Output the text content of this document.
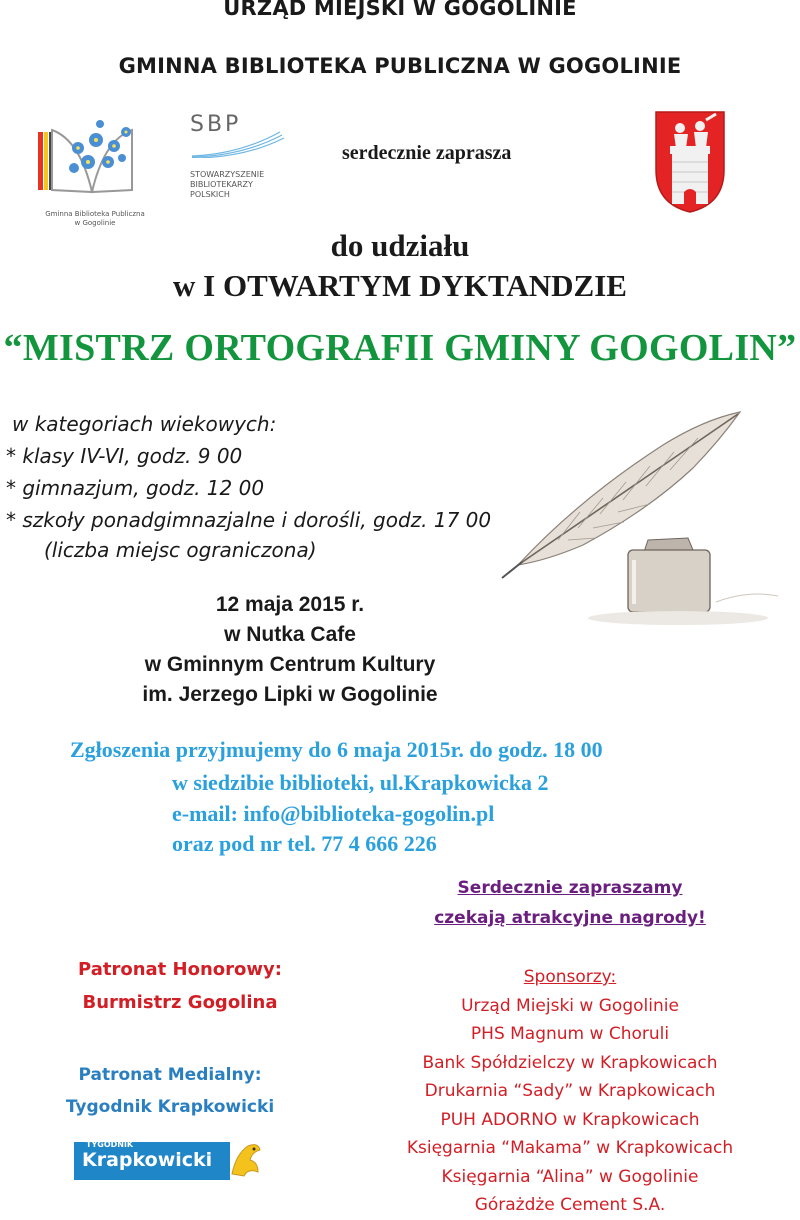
URZĄD MIEJSKI W GOGOLINIE
GMINNA BIBLIOTEKA PUBLICZNA W GOGOLINIE
Gminna Biblioteka Publiczna
w Gogolinie
SBP
STOWARZYSZENIE
BIBLIOTEKARZY
POLSKICH
serdecznie zaprasza
do udziału
w I OTWARTYM DYKTANDZIE
“MISTRZ ORTOGRAFII GMINY GOGOLIN”
w kategoriach wiekowych:
* klasy IV-VI, godz. 9 00
* gimnazjum, godz. 12 00
* szkoły ponadgimnazjalne i dorośli, godz. 17 00
(liczba miejsc ograniczona)
12 maja 2015 r.
w Nutka Cafe
w Gminnym Centrum Kultury
im. Jerzego Lipki w Gogolinie
Zgłoszenia przyjmujemy do 6 maja 2015r. do godz. 18 00
w siedzibie biblioteki, ul.Krapkowicka 2
e-mail: info@biblioteka-gogolin.pl
oraz pod nr tel. 77 4 666 226
Serdecznie zapraszamy
czekają atrakcyjne nagrody!
Patronat Honorowy:
Burmistrz Gogolina
Patronat Medialny:
Tygodnik Krapkowicki
TYGODNIK
Krapkowicki
Sponsorzy:
Urząd Miejski w Gogolinie
PHS Magnum w Choruli
Bank Spółdzielczy w Krapkowicach
Drukarnia “Sady” w Krapkowicach
PUH ADORNO w Krapkowicach
Księgarnia “Makama” w Krapkowicach
Księgarnia “Alina” w Gogolinie
Górażdże Cement S.A.
